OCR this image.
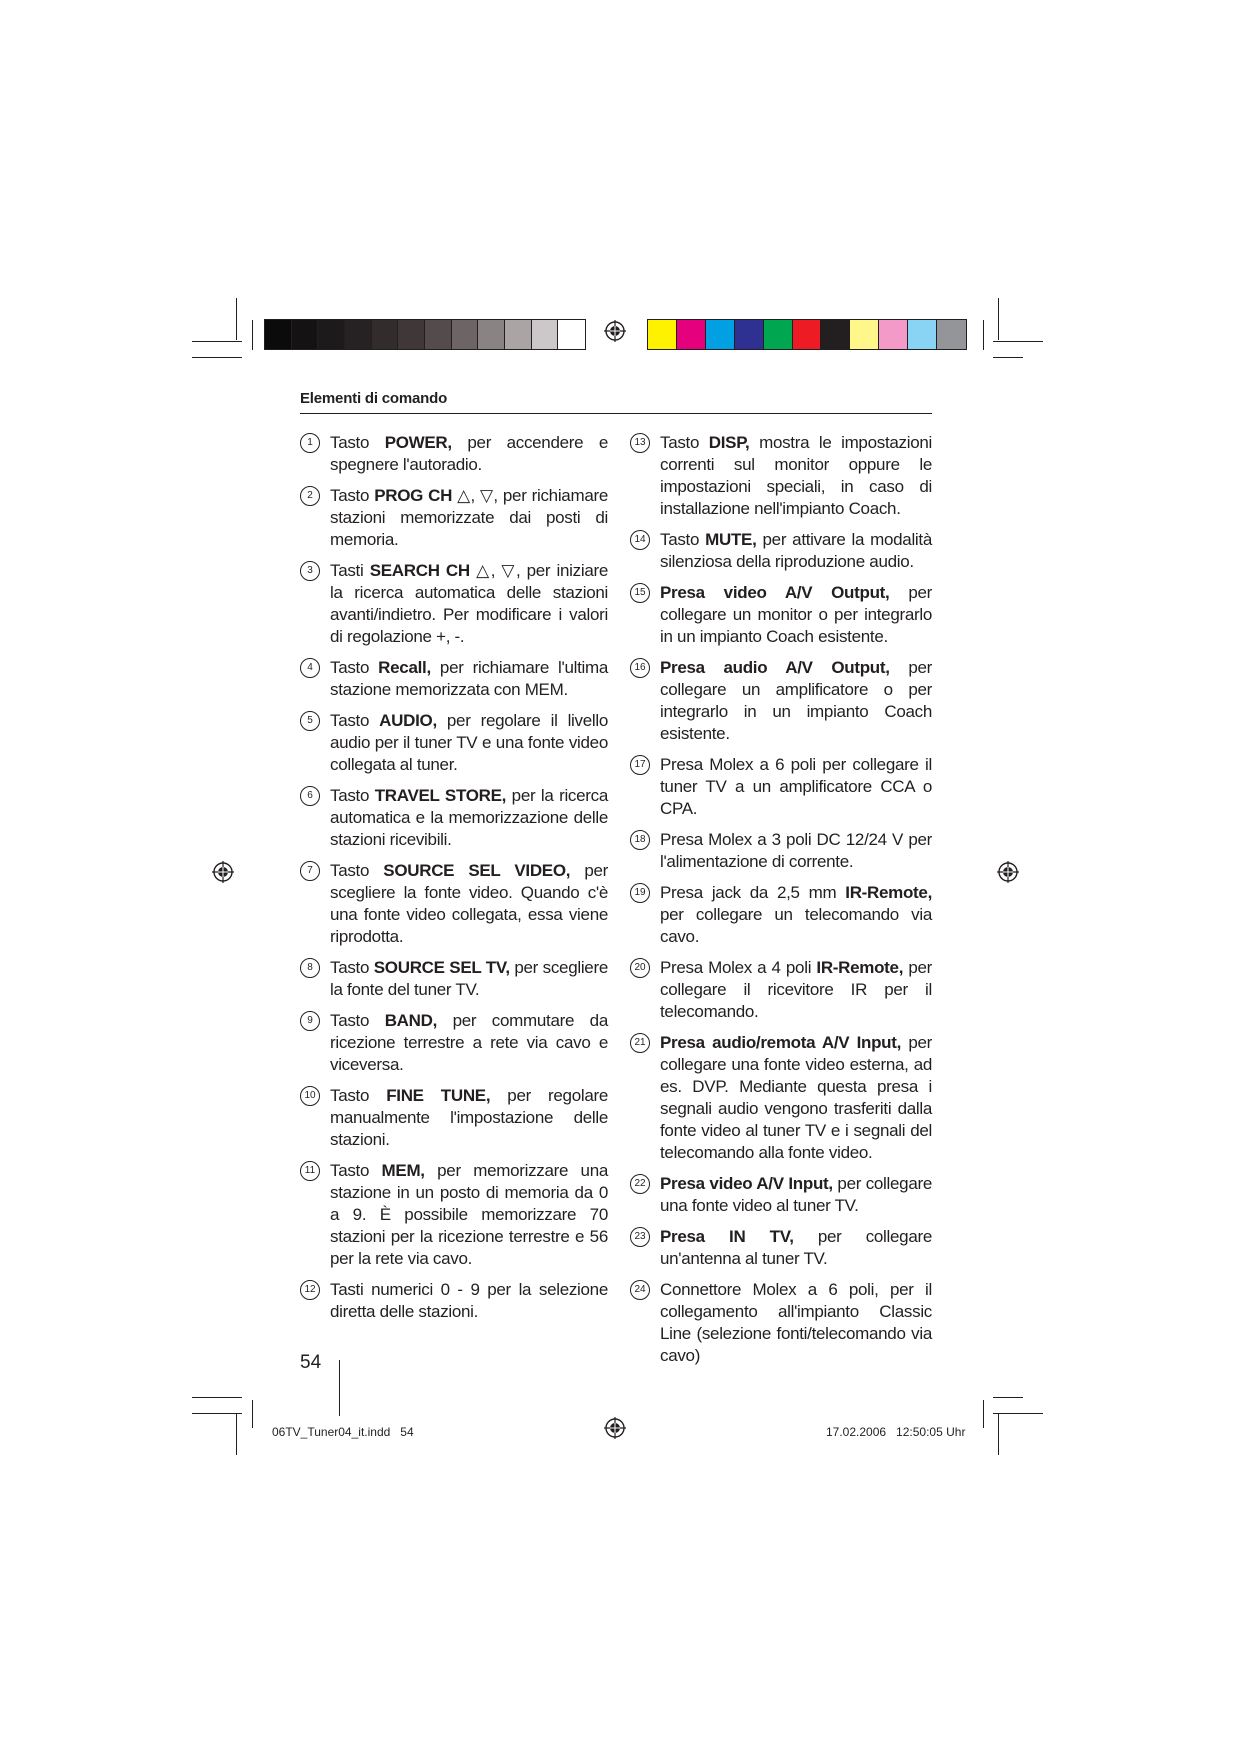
Elementi di comando
1	Tasto POWER, per accendere e spegnere l'autoradio.
2	Tasto PROG CH △, ▽, per richiamare stazioni memorizzate dai posti di memoria.
3	Tasti SEARCH CH △, ▽, per iniziare la ricerca automatica delle stazioni avanti/indietro. Per modificare i valori di regolazione +, -.
4	Tasto Recall, per richiamare l'ultima stazione memorizzata con MEM.
5	Tasto AUDIO, per regolare il livello audio per il tuner TV e una fonte video collegata al tuner.
6	Tasto TRAVEL STORE, per la ricerca automatica e la memorizzazione delle stazioni ricevibili.
7	Tasto SOURCE SEL VIDEO, per scegliere la fonte video. Quando c'è una fonte video collegata, essa viene riprodotta.
8	Tasto SOURCE SEL TV, per scegliere la fonte del tuner TV.
9	Tasto BAND, per commutare da ricezione terrestre a rete via cavo e viceversa.
10 Tasto FINE TUNE, per regolare manualmente l'impostazione delle stazioni.
11 Tasto MEM, per memorizzare una stazione in un posto di memoria da 0 a 9. È possibile memorizzare 70 stazioni per la ricezione terrestre e 56 per la rete via cavo.
12 Tasti numerici 0 - 9 per la selezione diretta delle stazioni.
13 Tasto DISP, mostra le impostazioni correnti sul monitor oppure le impostazioni speciali, in caso di installazione nell'impianto Coach.
14 Tasto MUTE, per attivare la modalità silenziosa della riproduzione audio.
15 Presa video A/V Output, per collegare un monitor o per integrarlo in un impianto Coach esistente.
16 Presa audio A/V Output, per collegare un amplificatore o per integrarlo in un impianto Coach esistente.
17 Presa Molex a 6 poli per collegare il tuner TV a un amplificatore CCA o CPA.
18 Presa Molex a 3 poli DC 12/24 V per l'alimentazione di corrente.
19 Presa jack da 2,5 mm IR-Remote, per collegare un telecomando via cavo.
20 Presa Molex a 4 poli IR-Remote, per collegare il ricevitore IR per il telecomando.
21 Presa audio/remota A/V Input, per collegare una fonte video esterna, ad es. DVP. Mediante questa presa i segnali audio vengono trasferiti dalla fonte video al tuner TV e i segnali del telecomando alla fonte video.
22 Presa video A/V Input, per collegare una fonte video al tuner TV.
23 Presa IN TV, per collegare un'antenna al tuner TV.
24 Connettore Molex a 6 poli, per il collegamento all'impianto Classic Line (selezione fonti/telecomando via cavo)
54
06TV_Tuner04_it.indd   54	17.02.2006   12:50:05 Uhr
